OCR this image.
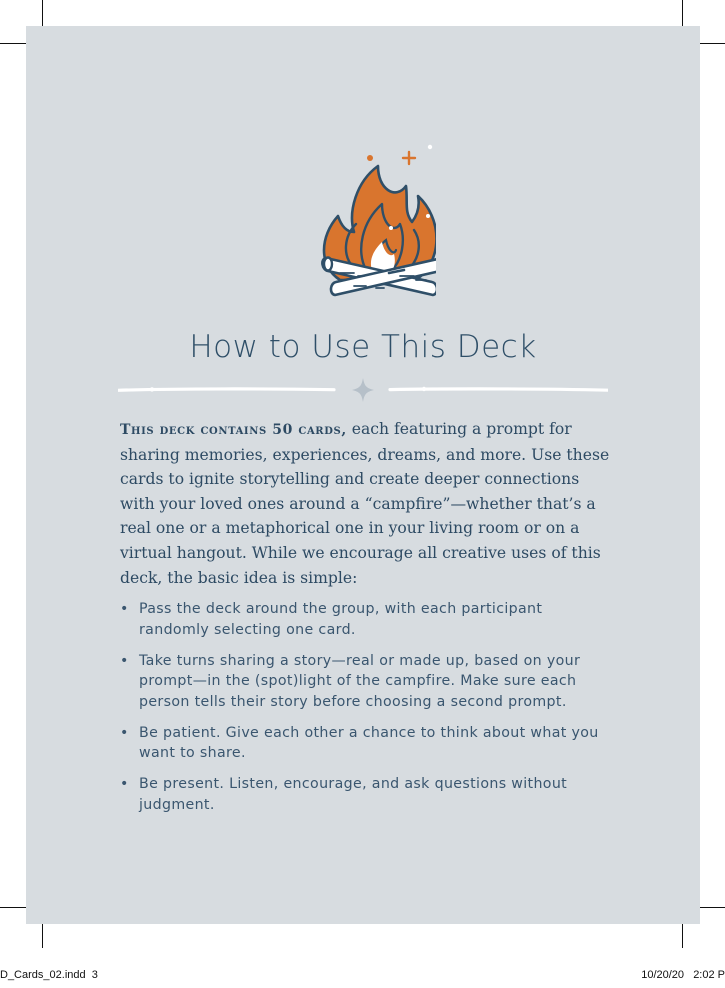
How to Use This Deck

This deck contains 50 cards, each featuring a prompt for sharing memories, experiences, dreams, and more. Use these cards to ignite storytelling and create deeper connections with your loved ones around a “campfire”—whether that’s a real one or a metaphorical one in your living room or on a virtual hangout. While we encourage all creative uses of this deck, the basic idea is simple:

• Pass the deck around the group, with each participant randomly selecting one card.
• Take turns sharing a story—real or made up, based on your prompt—in the (spot)light of the campfire. Make sure each person tells their story before choosing a second prompt.
• Be patient. Give each other a chance to think about what you want to share.
• Be present. Listen, encourage, and ask questions without judgment.
D_Cards_02.indd  3	10/20/20   2:02 P
